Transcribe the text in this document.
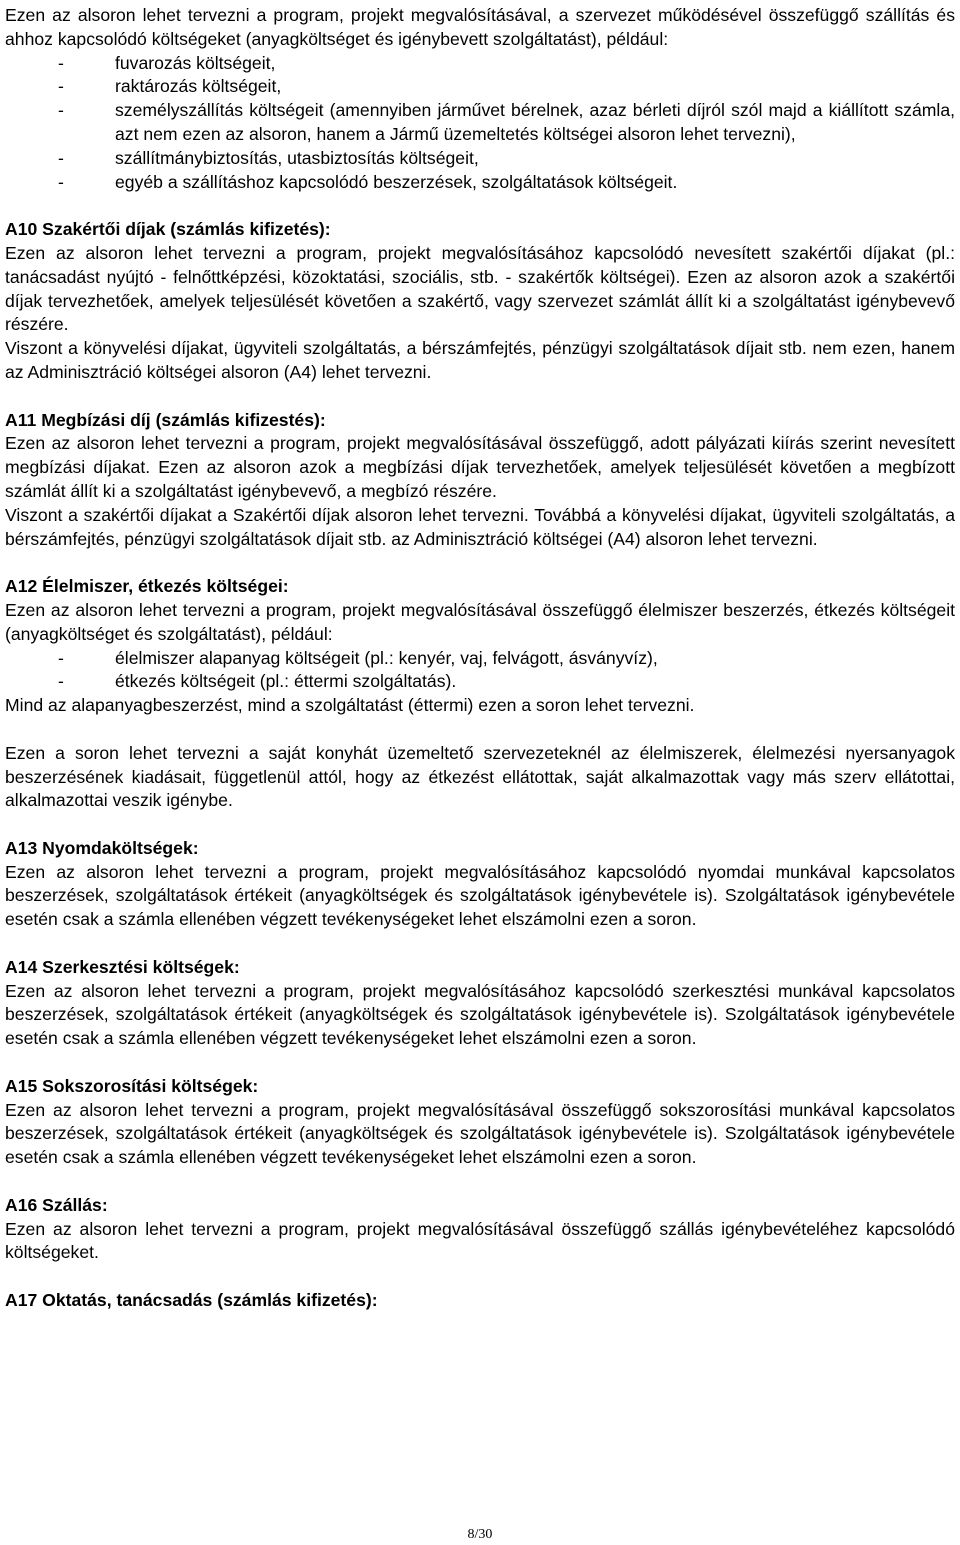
Ezen az alsoron lehet tervezni a program, projekt megvalósításával, a szervezet működésével összefüggő szállítás és ahhoz kapcsolódó költségeket (anyagköltséget és igénybevett szolgáltatást), például:

-	fuvarozás költségeit,
-	raktározás költségeit,
-	személyszállítás költségeit (amennyiben járművet bérelnek, azaz bérleti díjról szól majd a kiállított számla, azt nem ezen az alsoron, hanem a Jármű üzemeltetés költségei alsoron lehet tervezni),
-	szállítmánybiztosítás, utasbiztosítás költségeit,
-	egyéb a szállításhoz kapcsolódó beszerzések, szolgáltatások költségeit.

A10 Szakértői díjak (számlás kifizetés):

Ezen az alsoron lehet tervezni a program, projekt megvalósításához kapcsolódó nevesített szakértői díjakat (pl.: tanácsadást nyújtó - felnőttképzési, közoktatási, szociális, stb. - szakértők költségei). Ezen az alsoron azok a szakértői díjak tervezhetőek, amelyek teljesülését követően a szakértő, vagy szervezet számlát állít ki a szolgáltatást igénybevevő részére.

Viszont a könyvelési díjakat, ügyviteli szolgáltatás, a bérszámfejtés, pénzügyi szolgáltatások díjait stb. nem ezen, hanem az Adminisztráció költségei alsoron (A4) lehet tervezni.

A11 Megbízási díj (számlás kifizestés):

Ezen az alsoron lehet tervezni a program, projekt megvalósításával összefüggő, adott pályázati kiírás szerint nevesített megbízási díjakat. Ezen az alsoron azok a megbízási díjak tervezhetőek, amelyek teljesülését követően a megbízott számlát állít ki a szolgáltatást igénybevevő, a megbízó részére.

Viszont a szakértői díjakat a Szakértői díjak alsoron lehet tervezni. Továbbá a könyvelési díjakat, ügyviteli szolgáltatás, a bérszámfejtés, pénzügyi szolgáltatások díjait stb. az Adminisztráció költségei (A4) alsoron lehet tervezni.

A12 Élelmiszer, étkezés költségei:

Ezen az alsoron lehet tervezni a program, projekt megvalósításával összefüggő élelmiszer beszerzés, étkezés költségeit (anyagköltséget és szolgáltatást), például:

-	élelmiszer alapanyag költségeit (pl.: kenyér, vaj, felvágott, ásványvíz),
-	étkezés költségeit (pl.: éttermi szolgáltatás).

Mind az alapanyagbeszerzést, mind a szolgáltatást (éttermi) ezen a soron lehet tervezni.

Ezen a soron lehet tervezni a saját konyhát üzemeltető szervezeteknél az élelmiszerek, élelmezési nyersanyagok beszerzésének kiadásait, függetlenül attól, hogy az étkezést ellátottak, saját alkalmazottak vagy más szerv ellátottai, alkalmazottai veszik igénybe.

A13 Nyomdaköltségek:

Ezen az alsoron lehet tervezni a program, projekt megvalósításához kapcsolódó nyomdai munkával kapcsolatos beszerzések, szolgáltatások értékeit (anyagköltségek és szolgáltatások igénybevétele is). Szolgáltatások igénybevétele esetén csak a számla ellenében végzett tevékenységeket lehet elszámolni ezen a soron.

A14 Szerkesztési költségek:

Ezen az alsoron lehet tervezni a program, projekt megvalósításához kapcsolódó szerkesztési munkával kapcsolatos beszerzések, szolgáltatások értékeit (anyagköltségek és szolgáltatások igénybevétele is). Szolgáltatások igénybevétele esetén csak a számla ellenében végzett tevékenységeket lehet elszámolni ezen a soron.

A15 Sokszorosítási költségek:

Ezen az alsoron lehet tervezni a program, projekt megvalósításával összefüggő sokszorosítási munkával kapcsolatos beszerzések, szolgáltatások értékeit (anyagköltségek és szolgáltatások igénybevétele is). Szolgáltatások igénybevétele esetén csak a számla ellenében végzett tevékenységeket lehet elszámolni ezen a soron.

A16 Szállás:

Ezen az alsoron lehet tervezni a program, projekt megvalósításával összefüggő szállás igénybevételéhez kapcsolódó költségeket.

A17 Oktatás, tanácsadás (számlás kifizetés):

8/30
